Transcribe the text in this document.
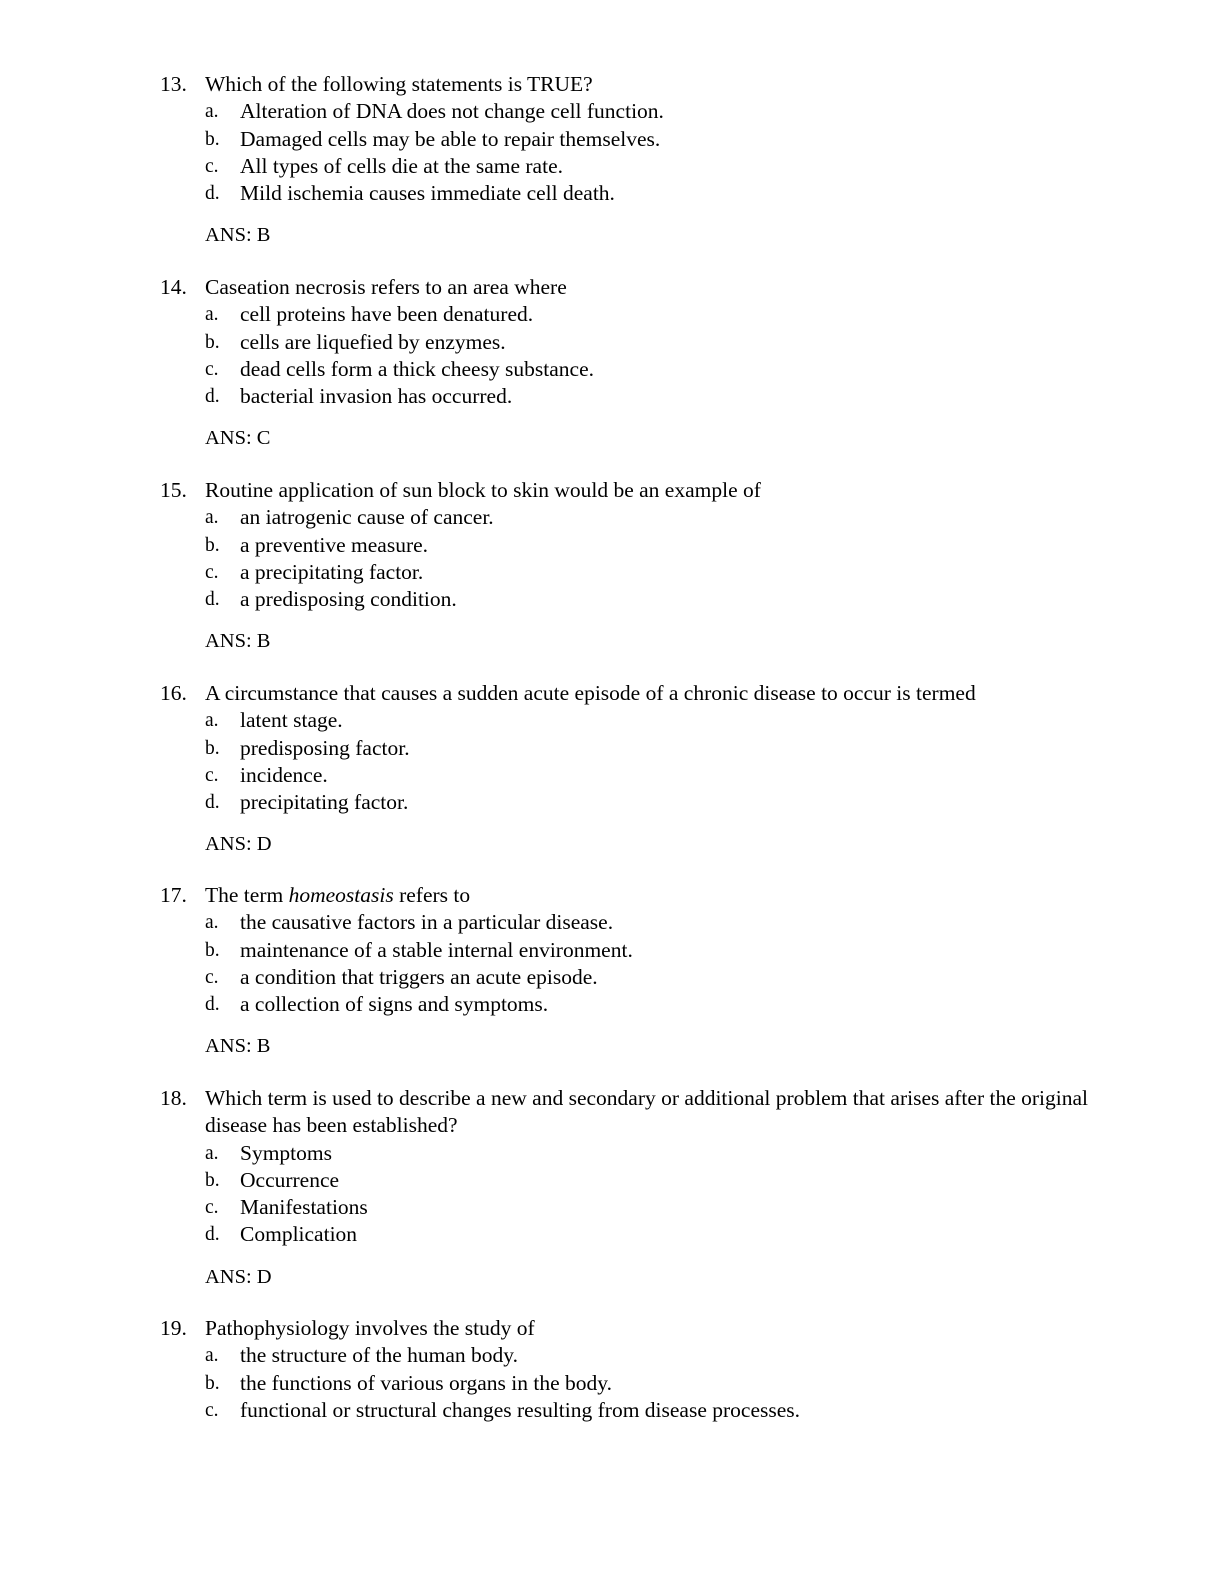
13. Which of the following statements is TRUE?
a. Alteration of DNA does not change cell function.
b. Damaged cells may be able to repair themselves.
c. All types of cells die at the same rate.
d. Mild ischemia causes immediate cell death.
ANS: B
14. Caseation necrosis refers to an area where
a. cell proteins have been denatured.
b. cells are liquefied by enzymes.
c. dead cells form a thick cheesy substance.
d. bacterial invasion has occurred.
ANS: C
15. Routine application of sun block to skin would be an example of
a. an iatrogenic cause of cancer.
b. a preventive measure.
c. a precipitating factor.
d. a predisposing condition.
ANS: B
16. A circumstance that causes a sudden acute episode of a chronic disease to occur is termed
a. latent stage.
b. predisposing factor.
c. incidence.
d. precipitating factor.
ANS: D
17. The term homeostasis refers to
a. the causative factors in a particular disease.
b. maintenance of a stable internal environment.
c. a condition that triggers an acute episode.
d. a collection of signs and symptoms.
ANS: B
18. Which term is used to describe a new and secondary or additional problem that arises after the original disease has been established?
a. Symptoms
b. Occurrence
c. Manifestations
d. Complication
ANS: D
19. Pathophysiology involves the study of
a. the structure of the human body.
b. the functions of various organs in the body.
c. functional or structural changes resulting from disease processes.
